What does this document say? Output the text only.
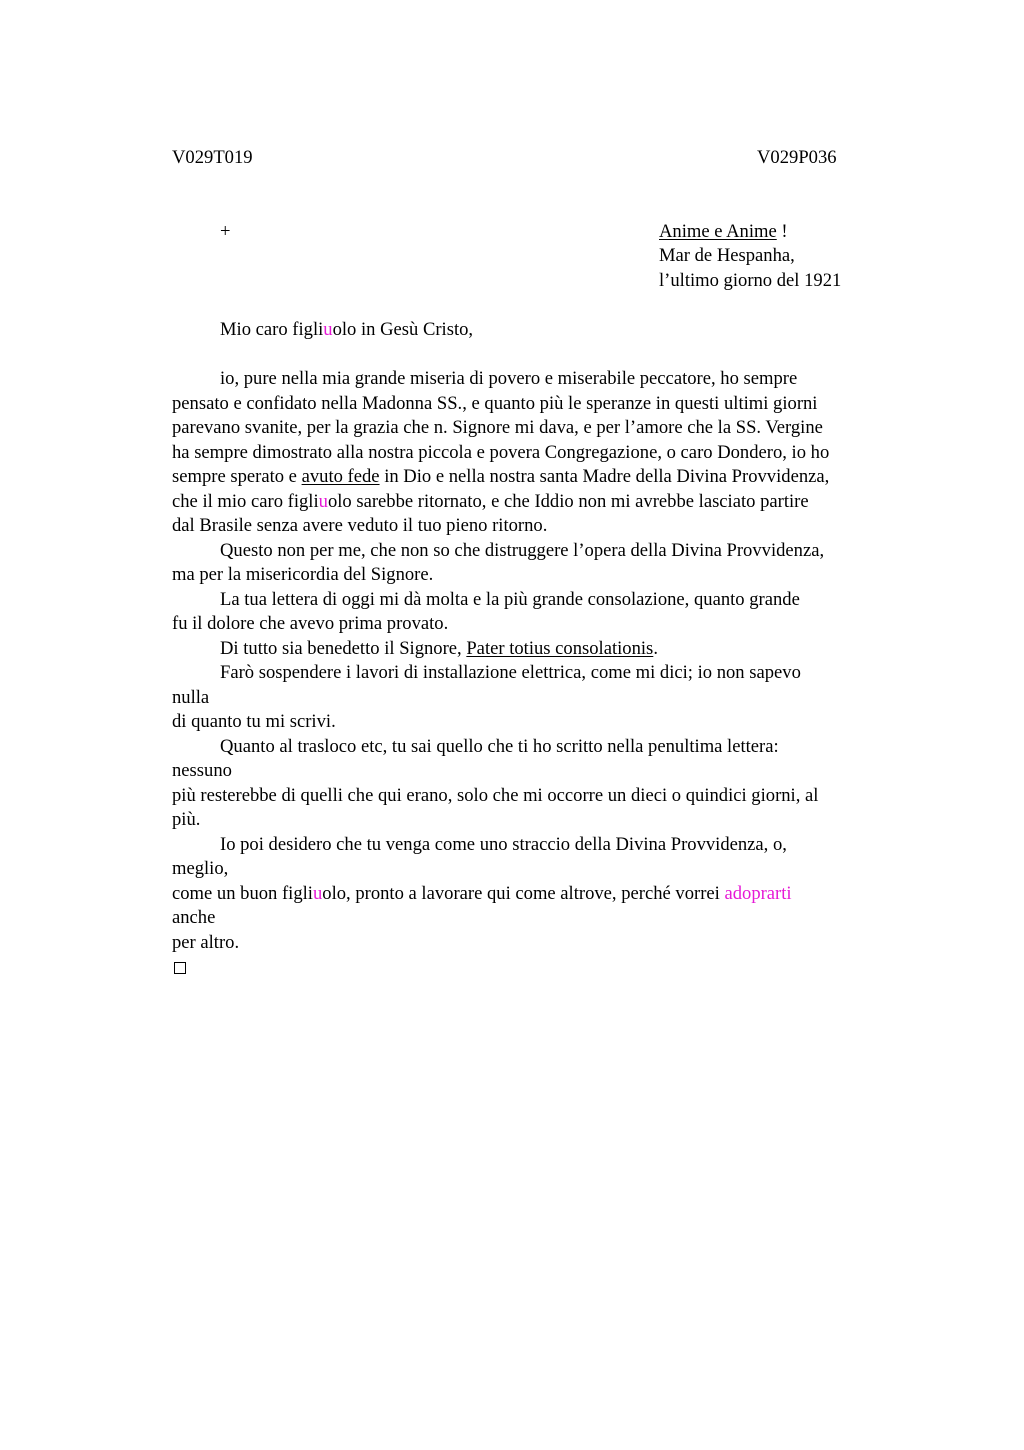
V029T019	V029P036
+	Anime e Anime !
Mar de Hespanha,
l’ultimo giorno del 1921
Mio caro figliuolo in Gesù Cristo,
io, pure nella mia grande miseria di povero e miserabile peccatore, ho sempre
pensato e confidato nella Madonna SS., e quanto più le speranze in questi ultimi giorni
parevano svanite, per la grazia che n. Signore mi dava, e per l’amore che la SS. Vergine
ha sempre dimostrato alla nostra piccola e povera Congregazione, o caro Dondero, io ho
sempre sperato e avuto fede in Dio e nella nostra santa Madre della Divina Provvidenza,
che il mio caro figliuolo sarebbe ritornato, e che Iddio non mi avrebbe lasciato partire
dal Brasile senza avere veduto il tuo pieno ritorno.
Questo non per me, che non so che distruggere l’opera della Divina Provvidenza,
ma per la misericordia del Signore.
La tua lettera di oggi mi dà molta e la più grande consolazione, quanto grande
fu il dolore che avevo prima provato.
Di tutto sia benedetto il Signore, Pater totius consolationis.
Farò sospendere i lavori di installazione elettrica, come mi dici; io non sapevo
nulla
di quanto tu mi scrivi.
Quanto al trasloco etc, tu sai quello che ti ho scritto nella penultima lettera:
nessuno
più resterebbe di quelli che qui erano, solo che mi occorre un dieci o quindici giorni, al
più.
Io poi desidero che tu venga come uno straccio della Divina Provvidenza, o,
meglio,
come un buon figliuolo, pronto a lavorare qui come altrove, perché vorrei adoprarti
anche
per altro.
